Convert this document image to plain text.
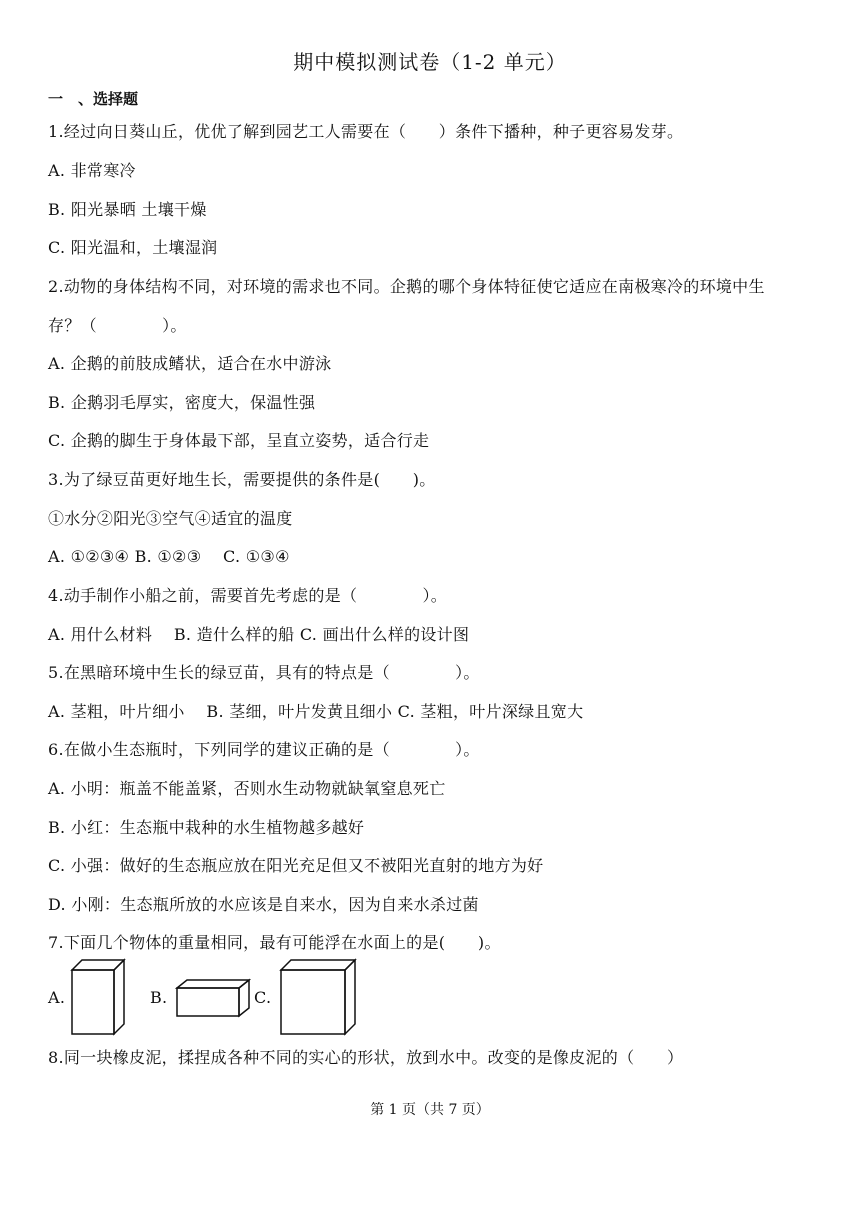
期中模拟测试卷（1-2 单元）
一　、选择题
1.经过向日葵山丘，优优了解到园艺工人需要在（　　）条件下播种，种子更容易发芽。
A. 非常寒冷
B. 阳光暴晒 土壤干燥
C. 阳光温和，土壤湿润
2.动物的身体结构不同，对环境的需求也不同。企鹅的哪个身体特征使它适应在南极寒冷的环境中生
存？（　　　　）。
A. 企鹅的前肢成鳍状，适合在水中游泳
B. 企鹅羽毛厚实，密度大，保温性强
C. 企鹅的脚生于身体最下部，呈直立姿势，适合行走
3.为了绿豆苗更好地生长，需要提供的条件是(　　)。
①水分②阳光③空气④适宜的温度
A. ①②③④ B. ①②③　 C. ①③④
4.动手制作小船之前，需要首先考虑的是（　　　　）。
A. 用什么材料　 B. 造什么样的船 C. 画出什么样的设计图
5.在黑暗环境中生长的绿豆苗，具有的特点是（　　　　）。
A. 茎粗，叶片细小　 B. 茎细，叶片发黄且细小 C. 茎粗，叶片深绿且宽大
6.在做小生态瓶时，下列同学的建议正确的是（　　　　）。
A. 小明：瓶盖不能盖紧，否则水生动物就缺氧窒息死亡
B. 小红：生态瓶中栽种的水生植物越多越好
C. 小强：做好的生态瓶应放在阳光充足但又不被阳光直射的地方为好
D. 小刚：生态瓶所放的水应该是自来水，因为自来水杀过菌
7.下面几个物体的重量相同，最有可能浮在水面上的是(　　)。
A.	B.	C.
8.同一块橡皮泥，揉捏成各种不同的实心的形状，放到水中。改变的是像皮泥的（　　）
第 1 页（共 7 页）
